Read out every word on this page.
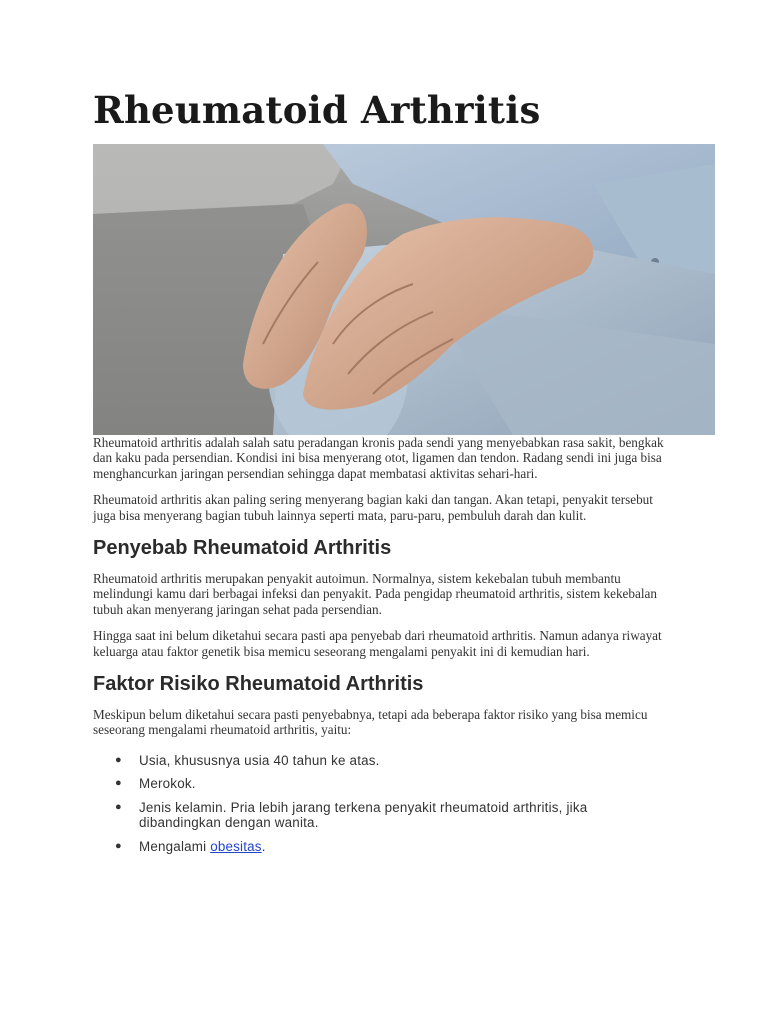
Rheumatoid Arthritis

Rheumatoid arthritis adalah salah satu peradangan kronis pada sendi yang menyebabkan rasa sakit, bengkak dan kaku pada persendian. Kondisi ini bisa menyerang otot, ligamen dan tendon. Radang sendi ini juga bisa menghancurkan jaringan persendian sehingga dapat membatasi aktivitas sehari-hari.

Rheumatoid arthritis akan paling sering menyerang bagian kaki dan tangan. Akan tetapi, penyakit tersebut juga bisa menyerang bagian tubuh lainnya seperti mata, paru-paru, pembuluh darah dan kulit.

Penyebab Rheumatoid Arthritis

Rheumatoid arthritis merupakan penyakit autoimun. Normalnya, sistem kekebalan tubuh membantu melindungi kamu dari berbagai infeksi dan penyakit. Pada pengidap rheumatoid arthritis, sistem kekebalan tubuh akan menyerang jaringan sehat pada persendian.

Hingga saat ini belum diketahui secara pasti apa penyebab dari rheumatoid arthritis. Namun adanya riwayat keluarga atau faktor genetik bisa memicu seseorang mengalami penyakit ini di kemudian hari.

Faktor Risiko Rheumatoid Arthritis

Meskipun belum diketahui secara pasti penyebabnya, tetapi ada beberapa faktor risiko yang bisa memicu seseorang mengalami rheumatoid arthritis, yaitu:

● Usia, khususnya usia 40 tahun ke atas.
● Merokok.
● Jenis kelamin. Pria lebih jarang terkena penyakit rheumatoid arthritis, jika dibandingkan dengan wanita.
● Mengalami obesitas.
